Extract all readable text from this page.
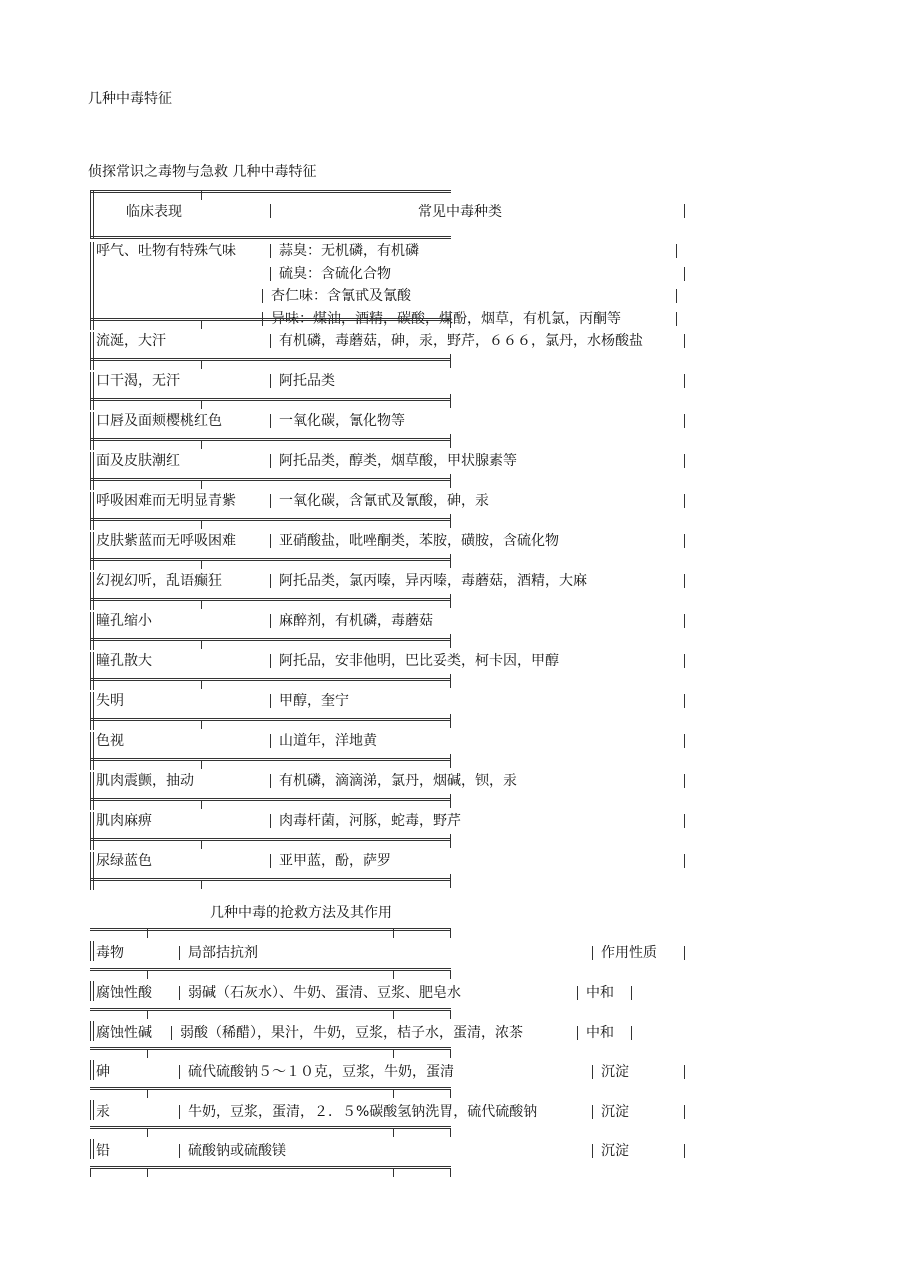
几种中毒特征
侦探常识之毒物与急救 几种中毒特征
临床表现	常见中毒种类
呼气、吐物有特殊气味	蒜臭：无机磷，有机磷
硫臭：含硫化合物
杏仁味：含氰甙及氰酸
异味：煤油，酒精，碳酸，煤酚，烟草，有机氯，丙酮等
流涎，大汗	有机磷，毒蘑菇，砷，汞，野芹，６６６，氯丹，水杨酸盐
口干渴，无汗	阿托品类
口唇及面颊樱桃红色	一氧化碳，氰化物等
面及皮肤潮红	阿托品类，醇类，烟草酸，甲状腺素等
呼吸困难而无明显青紫	一氧化碳，含氰甙及氰酸，砷，汞
皮肤紫蓝而无呼吸困难	亚硝酸盐，吡唑酮类，苯胺，磺胺，含硫化物
幻视幻听，乱语癫狂	阿托品类，氯丙嗪，异丙嗪，毒蘑菇，酒精，大麻
瞳孔缩小	麻醉剂，有机磷，毒蘑菇
瞳孔散大	阿托品，安非他明，巴比妥类，柯卡因，甲醇
失明	甲醇，奎宁
色视	山道年，洋地黄
肌肉震颤，抽动	有机磷，滴滴涕，氯丹，烟碱，钡，汞
肌肉麻痹	肉毒杆菌，河豚，蛇毒，野芹
尿绿蓝色	亚甲蓝，酚，萨罗
几种中毒的抢救方法及其作用
毒物	局部拮抗剂	作用性质
腐蚀性酸	弱碱（石灰水）、牛奶、蛋清、豆浆、肥皂水	中和
腐蚀性碱 弱酸（稀醋），果汁，牛奶，豆浆，桔子水，蛋清，浓茶	中和
砷	硫代硫酸钠５～１０克，豆浆，牛奶，蛋清	沉淀
汞	牛奶，豆浆，蛋清，２．５%碳酸氢钠洗胃，硫代硫酸钠	沉淀
铅	硫酸钠或硫酸镁	沉淀
